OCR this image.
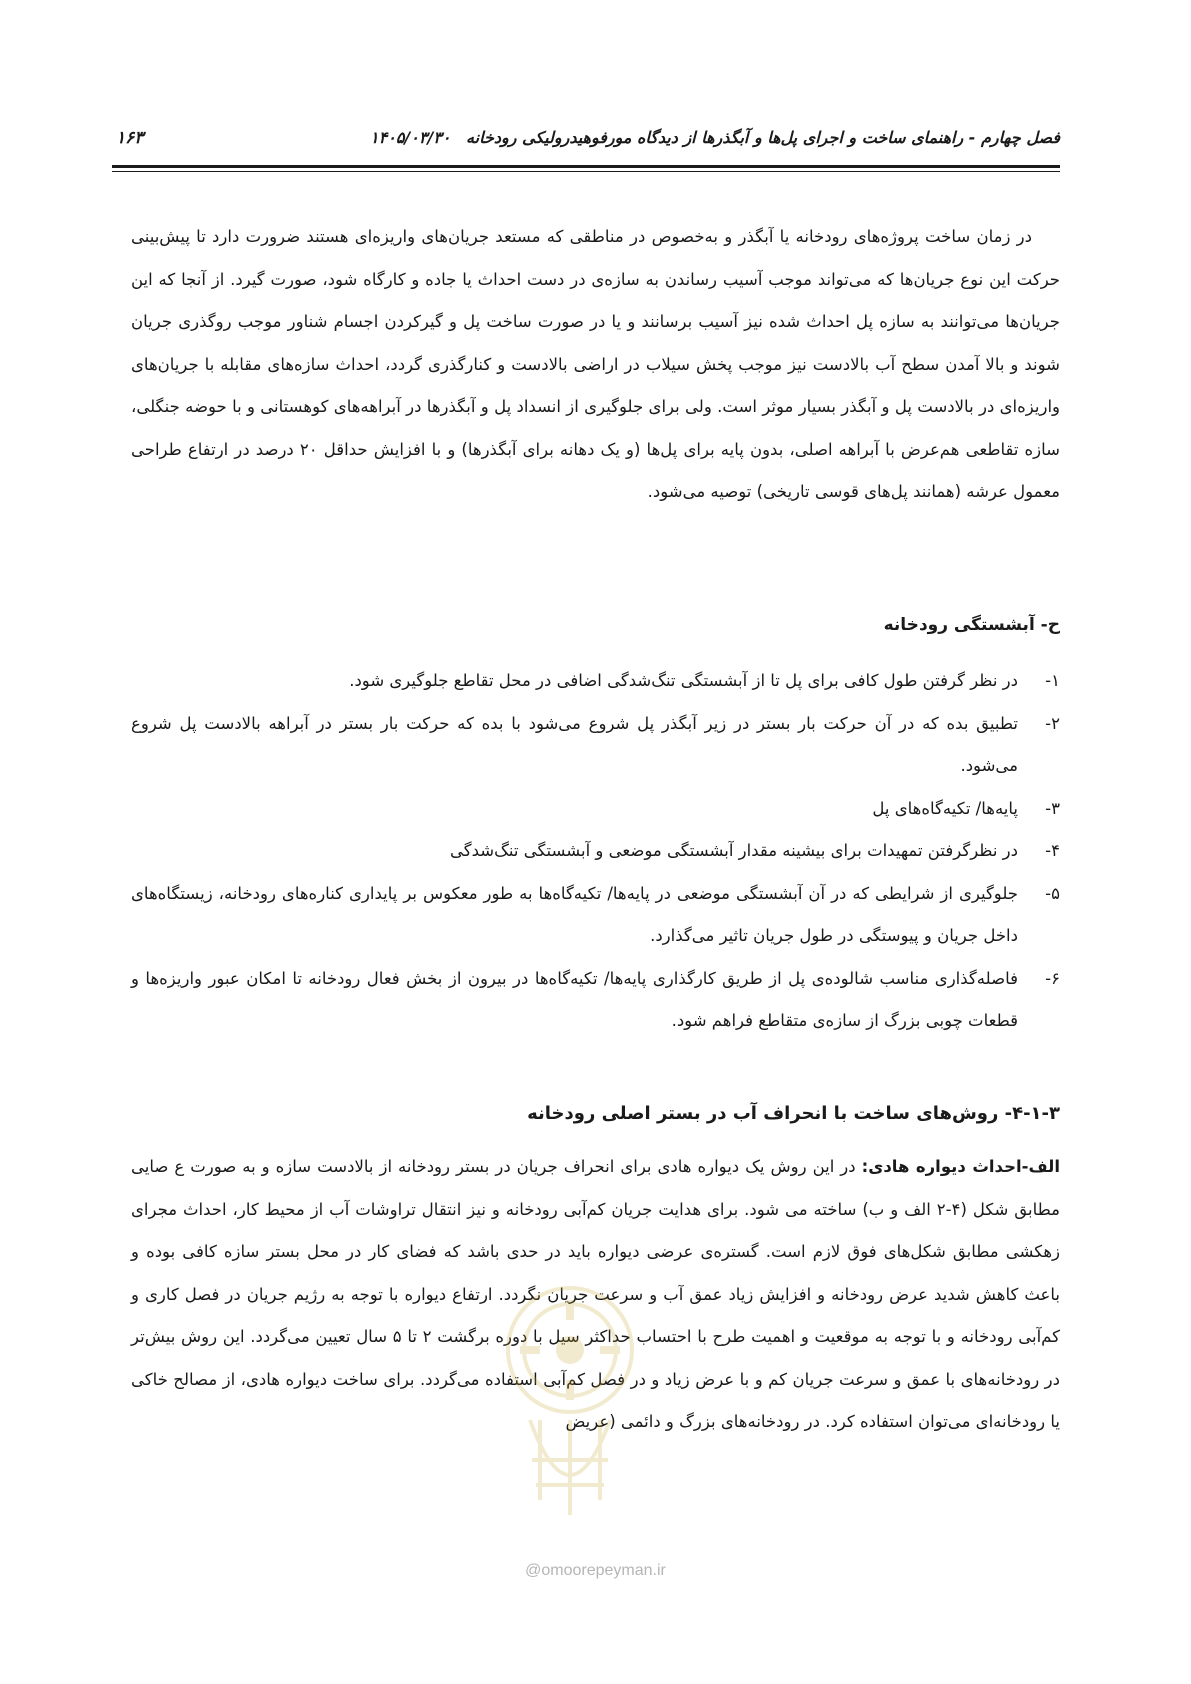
فصل چهارم - راهنمای ساخت و اجرای پل‌ها و آبگذرها از دیدگاه مورفوهیدرولیکی رودخانه ۱۴۰۵/۰۳/۳۰
۱۶۳

در زمان ساخت پروژه‌های رودخانه یا آبگذر و به‌خصوص در مناطقی که مستعد جریان‌های واریزه‌ای هستند ضرورت دارد تا پیش‌بینی حرکت این نوع جریان‌ها که می‌تواند موجب آسیب رساندن به سازه‌ی در دست احداث یا جاده و کارگاه شود، صورت گیرد. از آنجا که این جریان‌ها می‌توانند به سازه پل احداث شده نیز آسیب برسانند و یا در صورت ساخت پل و گیرکردن اجسام شناور موجب روگذری جریان شوند و بالا آمدن سطح آب بالادست نیز موجب پخش سیلاب در اراضی بالادست و کنارگذری گردد، احداث سازه‌های مقابله با جریان‌های واریزه‌ای در بالادست پل و آبگذر بسیار موثر است. ولی برای جلوگیری از انسداد پل و آبگذرها در آبراهه‌های کوهستانی و با حوضه جنگلی، سازه تقاطعی هم‌عرض با آبراهه اصلی، بدون پایه برای پل‌ها (و یک دهانه برای آبگذرها) و با افزایش حداقل ۲۰ درصد در ارتفاع طراحی معمول عرشه (همانند پل‌های قوسی تاریخی) توصیه می‌شود.

ح- آبشستگی رودخانه
۱-
در نظر گرفتن طول کافی برای پل تا از آبشستگی تنگ‌شدگی اضافی در محل تقاطع جلوگیری شود.
۲-
تطبیق بده که در آن حرکت بار بستر در زیر آبگذر پل شروع می‌شود با بده که حرکت بار بستر در آبراهه بالادست پل شروع می‌شود.
۳-
پایه‌ها/ تکیه‌گاه‌های پل
۴-
در نظرگرفتن تمهیدات برای بیشینه مقدار آبشستگی موضعی و آبشستگی تنگ‌شدگی
۵-
جلوگیری از شرایطی که در آن آبشستگی موضعی در پایه‌ها/ تکیه‌گاه‌ها به طور معکوس بر پایداری کناره‌های رودخانه، زیستگاه‌های داخل جریان و پیوستگی در طول جریان تاثیر می‌گذارد.
۶-
فاصله‌گذاری مناسب شالوده‌ی پل از طریق کارگذاری پایه‌ها/ تکیه‌گاه‌ها در بیرون از بخش فعال رودخانه تا امکان عبور واریزه‌ها و قطعات چوبی بزرگ از سازه‌ی متقاطع فراهم شود.
۴-۱-۳- روش‌های ساخت با انحراف آب در بستر اصلی رودخانه

الف-احداث دیواره هادی: در این روش یک دیواره هادی برای انحراف جریان در بستر رودخانه از بالادست سازه و به صورت ع صایی مطابق شکل (۴-۲ الف و ب) ساخته می شود. برای هدایت جریان کم‌آبی رودخانه و نیز انتقال تراوشات آب از محیط کار، احداث مجرای زهکشی مطابق شکل‌های فوق لازم است. گستره‌ی عرضی دیواره باید در حدی باشد که فضای کار در محل بستر سازه کافی بوده و باعث کاهش شدید عرض رودخانه و افزایش زیاد عمق آب و سرعت جریان نگردد. ارتفاع دیواره با توجه به رژیم جریان در فصل کاری و کم‌آبی رودخانه و با توجه به موقعیت و اهمیت طرح با احتساب حداکثر سیل با دوره برگشت ۲ تا ۵ سال تعیین می‌گردد. این روش بیش‌تر در رودخانه‌های با عمق و سرعت جریان کم و با عرض زیاد و در فصل کم‌آبی استفاده می‌گردد. برای ساخت دیواره هادی، از مصالح خاکی یا رودخانه‌ای می‌توان استفاده کرد. در رودخانه‌های بزرگ و دائمی (عریض

@omoorepeyman.ir
